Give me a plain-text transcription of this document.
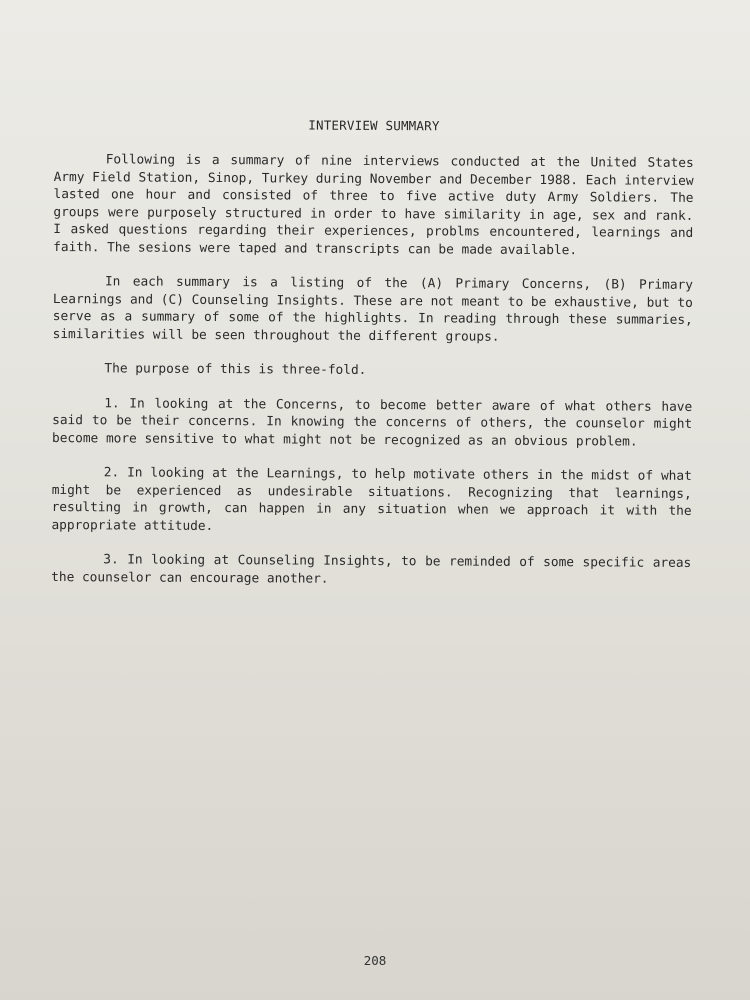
INTERVIEW SUMMARY

Following is a summary of nine interviews conducted at the United States Army Field Station, Sinop, Turkey during November and December 1988. Each interview lasted one hour and consisted of three to five active duty Army Soldiers. The groups were purposely structured in order to have similarity in age, sex and rank. I asked questions regarding their experiences, problms encountered, learnings and faith. The sesions were taped and transcripts can be made available.

In each summary is a listing of the (A) Primary Concerns, (B) Primary Learnings and (C) Counseling Insights. These are not meant to be exhaustive, but to serve as a summary of some of the highlights. In reading through these summaries, similarities will be seen throughout the different groups.

The purpose of this is three-fold.

1. In looking at the Concerns, to become better aware of what others have said to be their concerns. In knowing the concerns of others, the counselor might become more sensitive to what might not be recognized as an obvious problem.

2. In looking at the Learnings, to help motivate others in the midst of what might be experienced as undesirable situations. Recognizing that learnings, resulting in growth, can happen in any situation when we approach it with the appropriate attitude.

3. In looking at Counseling Insights, to be reminded of some specific areas the counselor can encourage another.

208
